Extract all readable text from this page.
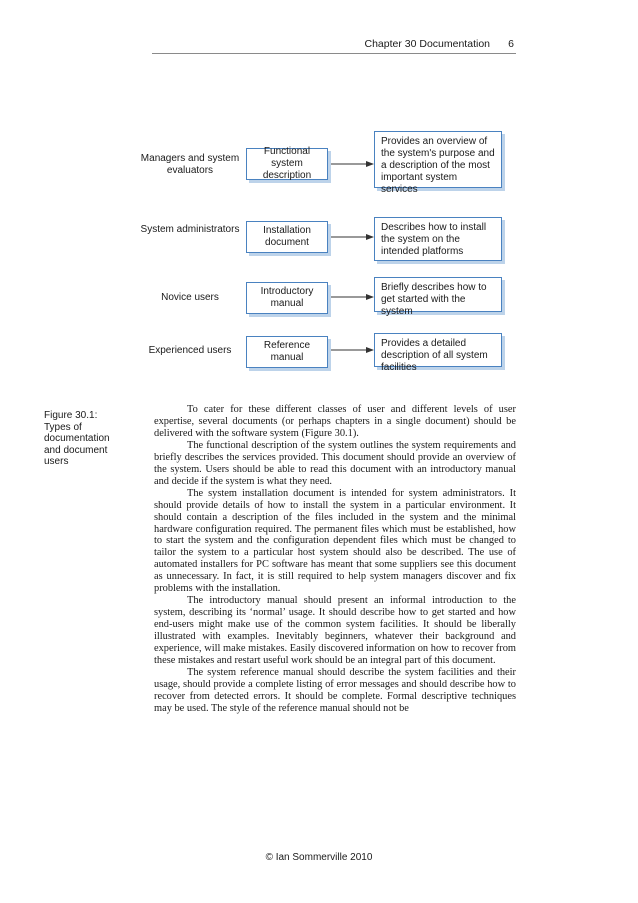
Chapter 30 Documentation 6
Managers and system evaluators
Functional system description
Provides an overview of the system's purpose and a description of the most important system services
System administrators	Installation document
Describes how to install the system on the intended platforms
Novice users
Introductory manual
Briefly describes how to get started with the system
Experienced users	Reference manual
Provides a detailed description of all system facilities
Figure 30.1: Types of documentation and document users

To cater for these different classes of user and different levels of user expertise, several documents (or perhaps chapters in a single document) should be delivered with the software system (Figure 30.1).

The functional description of the system outlines the system requirements and briefly describes the services provided. This document should provide an overview of the system. Users should be able to read this document with an introductory manual and decide if the system is what they need.

The system installation document is intended for system administrators. It should provide details of how to install the system in a particular environment. It should contain a description of the files included in the system and the minimal hardware configuration required. The permanent files which must be established, how to start the system and the configuration dependent files which must be changed to tailor the system to a particular host system should also be described. The use of automated installers for PC software has meant that some suppliers see this document as unnecessary. In fact, it is still required to help system managers discover and fix problems with the installation.

The introductory manual should present an informal introduction to the system, describing its ‘normal’ usage. It should describe how to get started and how end-users might make use of the common system facilities. It should be liberally illustrated with examples. Inevitably beginners, whatever their background and experience, will make mistakes. Easily discovered information on how to recover from these mistakes and restart useful work should be an integral part of this document.

The system reference manual should describe the system facilities and their usage, should provide a complete listing of error messages and should describe how to recover from detected errors. It should be complete. Formal descriptive techniques may be used. The style of the reference manual should not be

© Ian Sommerville 2010
